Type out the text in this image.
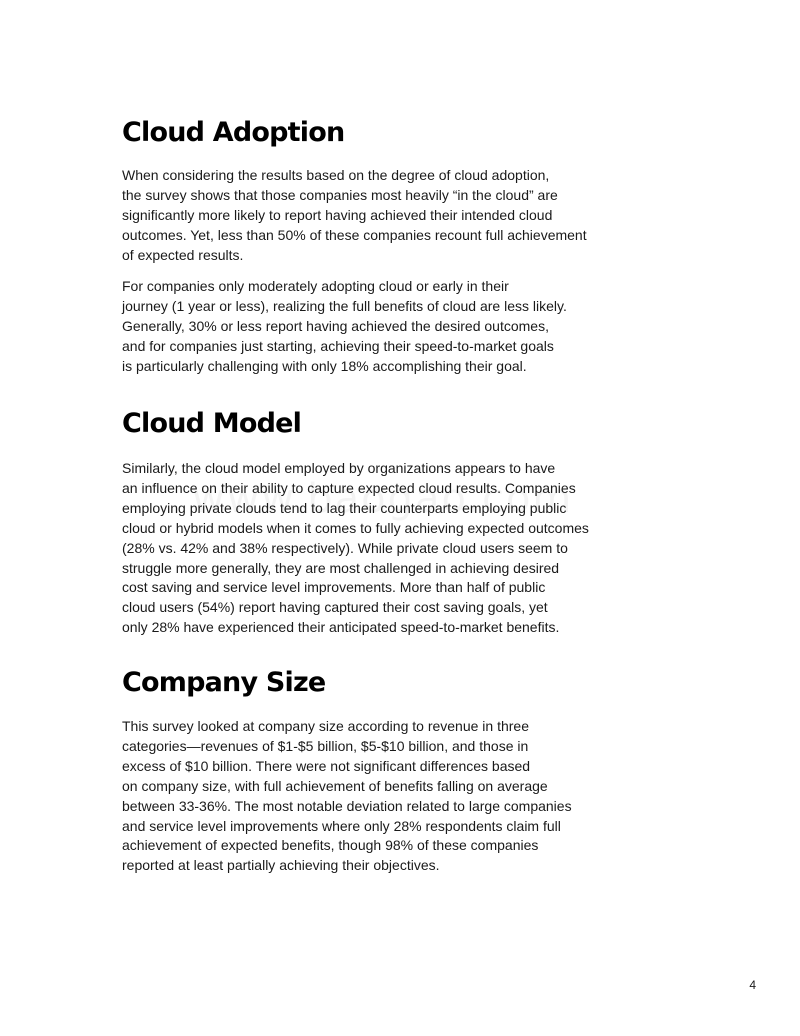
Cloud Adoption

When considering the results based on the degree of cloud adoption,
the survey shows that those companies most heavily “in the cloud” are
significantly more likely to report having achieved their intended cloud
outcomes. Yet, less than 50% of these companies recount full achievement
of expected results.

For companies only moderately adopting cloud or early in their
journey (1 year or less), realizing the full benefits of cloud are less likely.
Generally, 30% or less report having achieved the desired outcomes,
and for companies just starting, achieving their speed-to-market goals
is particularly challenging with only 18% accomplishing their goal.

Cloud Model

Similarly, the cloud model employed by organizations appears to have
an influence on their ability to capture expected cloud results. Companies
employing private clouds tend to lag their counterparts employing public
cloud or hybrid models when it comes to fully achieving expected outcomes
(28% vs. 42% and 38% respectively). While private cloud users seem to
struggle more generally, they are most challenged in achieving desired
cost saving and service level improvements. More than half of public
cloud users (54%) report having captured their cost saving goals, yet
only 28% have experienced their anticipated speed-to-market benefits.

Company Size

This survey looked at company size according to revenue in three
categories—revenues of $1-$5 billion, $5-$10 billion, and those in
excess of $10 billion. There were not significant differences based
on company size, with full achievement of benefits falling on average
between 33-36%. The most notable deviation related to large companies
and service level improvements where only 28% respondents claim full
achievement of expected benefits, though 98% of these companies
reported at least partially achieving their objectives.

4
